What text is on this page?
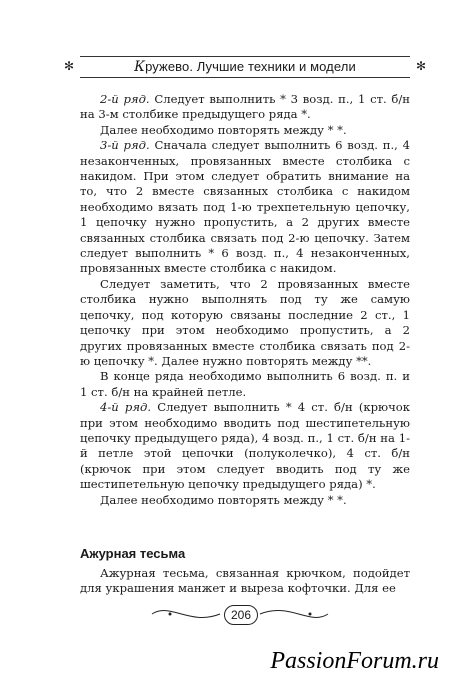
✻	Кружево. Лучшие техники и модели	✻

2-й ряд. Следует выполнить * 3 возд. п., 1 ст. б/н на 3-м столбике предыдущего ряда *.

Далее необходимо повторять между * *.

3-й ряд. Сначала следует выполнить 6 возд. п., 4 незаконченных, провязанных вместе столбика с накидом. При этом следует обратить внимание на то, что 2 вместе связанных столбика с накидом необходимо вязать под 1-ю трехпетельную цепочку, 1 цепочку нужно пропустить, а 2 других вместе связанных столбика связать под 2-ю цепочку. Затем следует выполнить * 6 возд. п., 4 незаконченных, провязанных вместе столбика с накидом.

Следует заметить, что 2 провязанных вместе столбика нужно выполнять под ту же самую цепочку, под которую связаны последние 2 ст., 1 цепочку при этом необходимо пропустить, а 2 других провязанных вместе столбика связать под 2-ю цепочку *. Далее нужно повторять между **.

В конце ряда необходимо выполнить 6 возд. п. и 1 ст. б/н на крайней петле.

4-й ряд. Следует выполнить * 4 ст. б/н (крючок при этом необходимо вводить под шестипетельную цепочку предыдущего ряда), 4 возд. п., 1 ст. б/н на 1-й петле этой цепочки (полуколечко), 4 ст. б/н (крючок при этом следует вводить под ту же шестипетельную цепочку предыдущего ряда) *.

Далее необходимо повторять между * *.

Ажурная тесьма

Ажурная тесьма, связанная крючком, подойдет для украшения манжет и выреза кофточки. Для ее

206
PassionForum.ru
